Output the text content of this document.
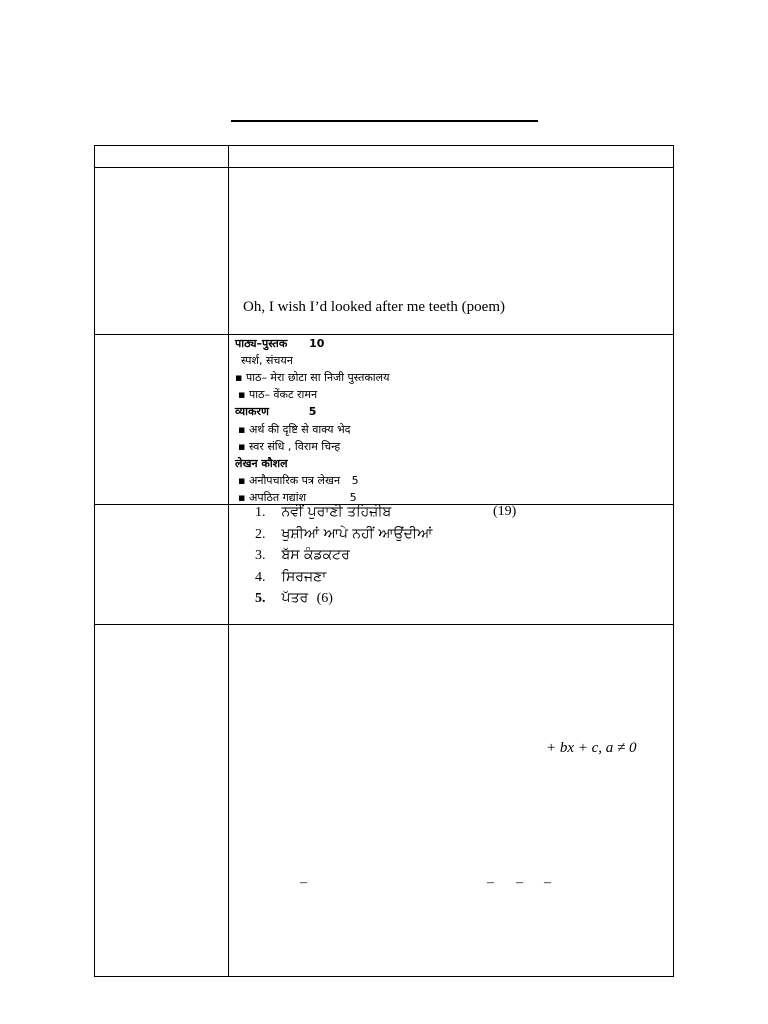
Oh, I wish I’d looked after me teeth (poem)
पाठ्य–पुस्तक 10
स्पर्श, संचयन
▪ पाठ– मेरा छोटा सा निजी पुस्तकालय
▪ पाठ– वेंकट रामन
व्याकरण	5
▪ अर्थ की दृष्टि से वाक्य भेद
▪ स्वर संधि , विराम चिन्ह
लेखन कौशल
▪ अनौपचारिक पत्र लेखन 5
▪ अपठित गद्यांश	5
1. ਨਵੀਂ ਪੁਰਾਣੀ ਤਹਿਜ਼ੀਬ	(19)
2. ਖੁਸ਼ੀਆਂ ਆਪੇ ਨਹੀਂ ਆਉਂਦੀਆਂ
3. ਬੱਸ ਕੰਡਕਟਰ
4. ਸਿਰਜਣਾ
5. ਪੱਤਰ (6)
+ bx + c, a ≠ 0
–	– – –
